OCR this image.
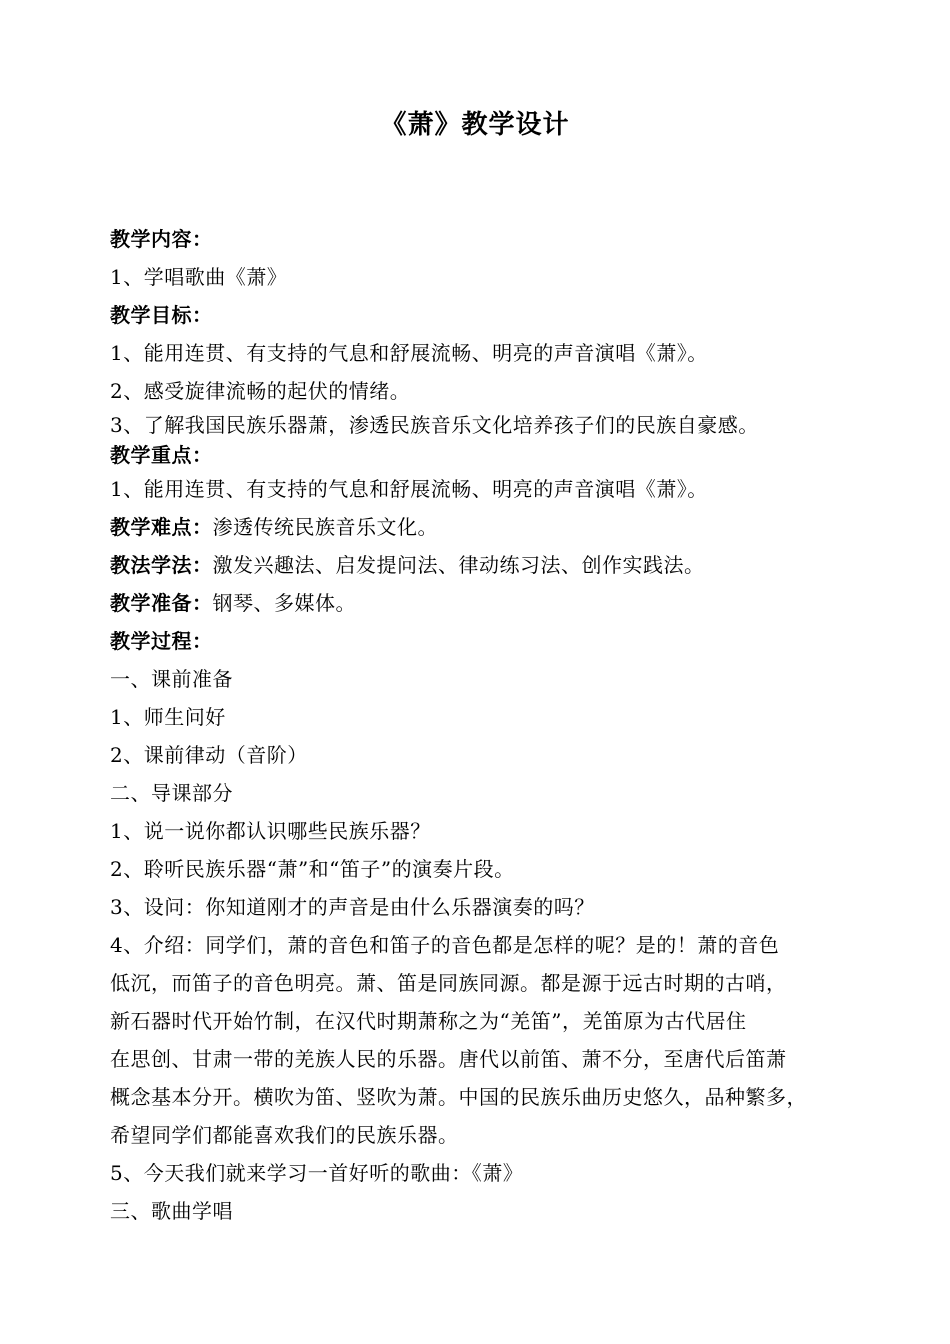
《萧》教学设计
教学内容：
1、学唱歌曲《萧》
教学目标：
1、能用连贯、有支持的气息和舒展流畅、明亮的声音演唱《萧》。
2、感受旋律流畅的起伏的情绪。
3、了解我国民族乐器萧，渗透民族音乐文化培养孩子们的民族自豪感。
教学重点：
1、能用连贯、有支持的气息和舒展流畅、明亮的声音演唱《萧》。
教学难点：渗透传统民族音乐文化。
教法学法：激发兴趣法、启发提问法、律动练习法、创作实践法。
教学准备：钢琴、多媒体。
教学过程：
一、课前准备
1、师生问好
2、课前律动（音阶）
二、导课部分
1、说一说你都认识哪些民族乐器？
2、聆听民族乐器“萧”和“笛子”的演奏片段。
3、设问：你知道刚才的声音是由什么乐器演奏的吗？
4、介绍：同学们，萧的音色和笛子的音色都是怎样的呢？是的！萧的音色
低沉，而笛子的音色明亮。萧、笛是同族同源。都是源于远古时期的古哨，
新石器时代开始竹制，在汉代时期萧称之为“羌笛”，羌笛原为古代居住
在思创、甘肃一带的羌族人民的乐器。唐代以前笛、萧不分，至唐代后笛萧
概念基本分开。横吹为笛、竖吹为萧。中国的民族乐曲历史悠久，品种繁多，
希望同学们都能喜欢我们的民族乐器。
5、今天我们就来学习一首好听的歌曲：《萧》
三、歌曲学唱
